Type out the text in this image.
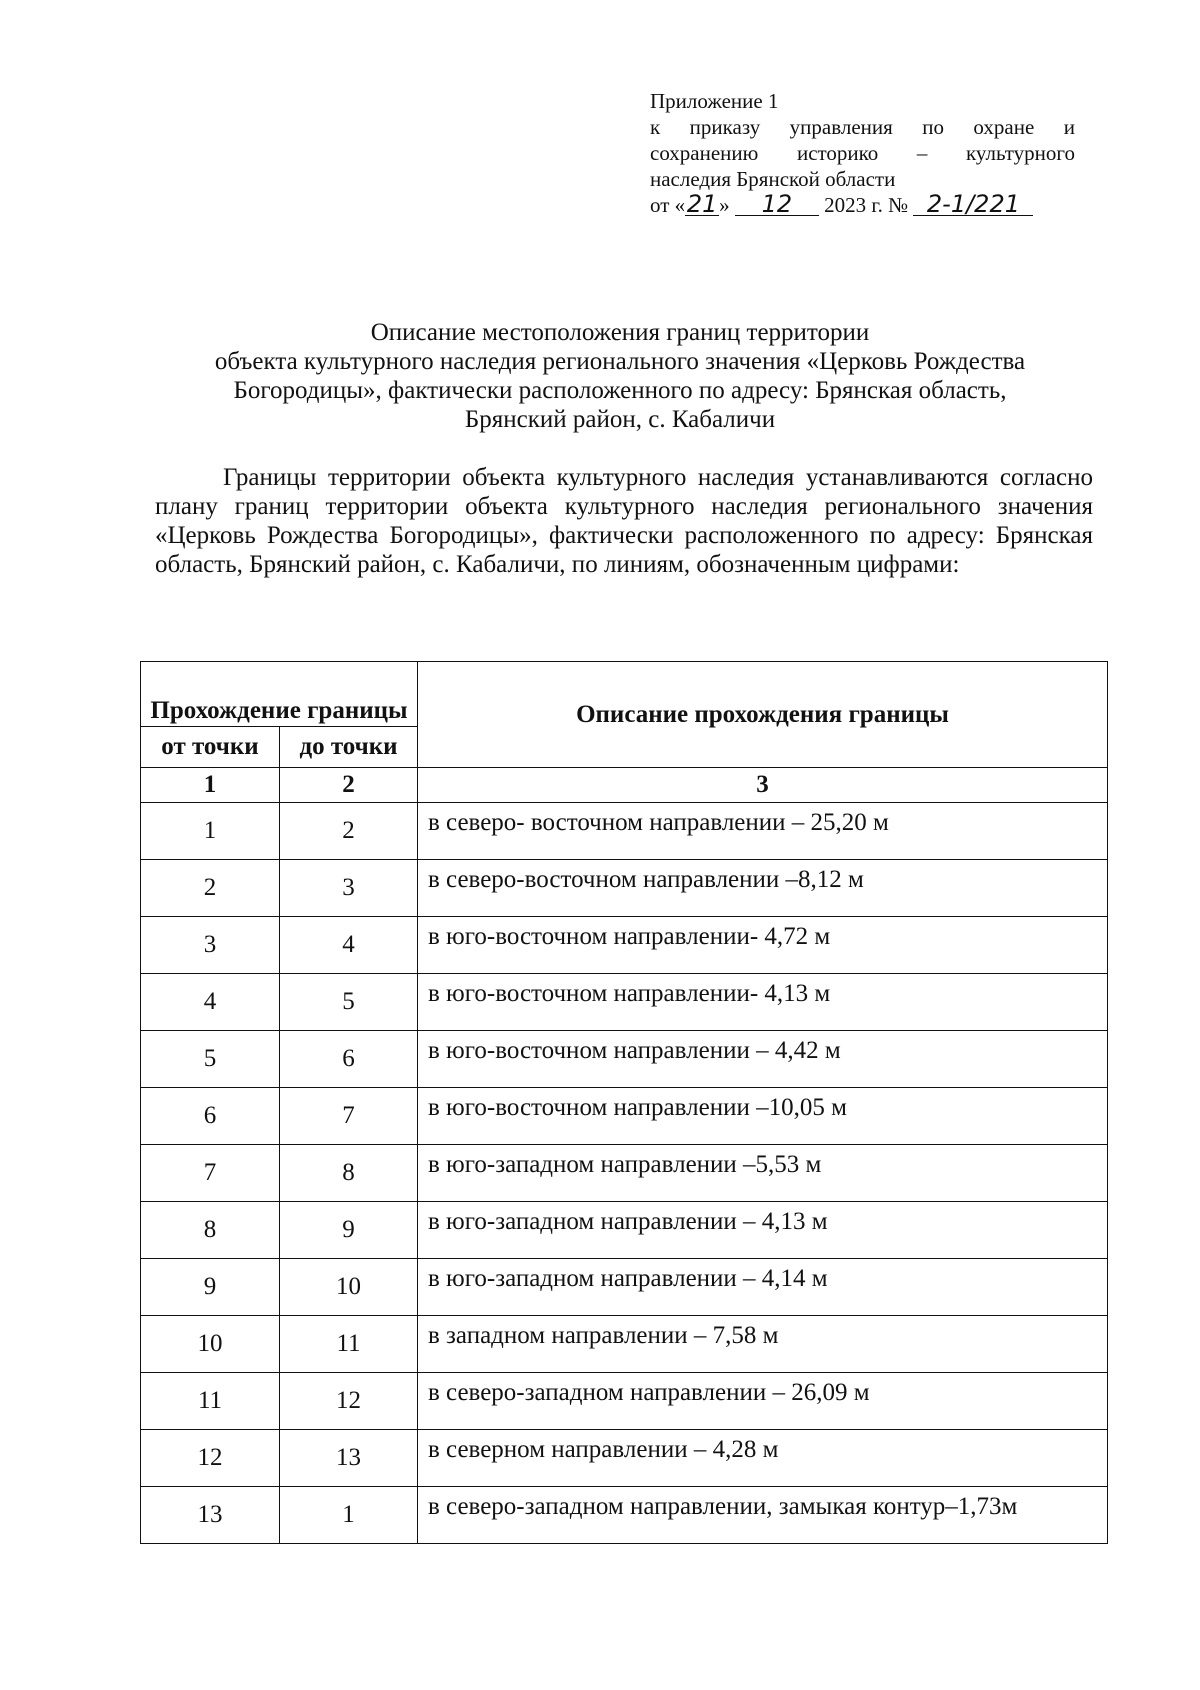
Приложение 1
к приказу управления по охране и
сохранению историко – культурного
наследия Брянской области
от «21» 12 2023 г. № 2-1/221
Описание местоположения границ территории
объекта культурного наследия регионального значения «Церковь Рождества
Богородицы», фактически расположенного по адресу: Брянская область,
Брянский район, с. Кабаличи
Границы территории объекта культурного наследия устанавливаются согласно плану границ территории объекта культурного наследия регионального значения «Церковь Рождества Богородицы», фактически расположенного по адресу: Брянская область, Брянский район, с. Кабаличи, по линиям, обозначенным цифрами:
Прохождение границы		Описание прохождения границы
от точки	до точки	
1	2	3
1	2	в северо- восточном направлении – 25,20 м
2	3	в северо-восточном направлении –8,12 м
3	4	в юго-восточном направлении- 4,72 м
4	5	в юго-восточном направлении- 4,13 м
5	6	в юго-восточном направлении – 4,42 м
6	7	в юго-восточном направлении –10,05 м
7	8	в юго-западном направлении –5,53 м
8	9	в юго-западном направлении – 4,13 м
9	10	в юго-западном направлении – 4,14 м
10	11	в западном направлении – 7,58 м
11	12	в северо-западном направлении – 26,09 м
12	13	в северном направлении – 4,28 м
13	1	в северо-западном направлении, замыкая контур–1,73м
